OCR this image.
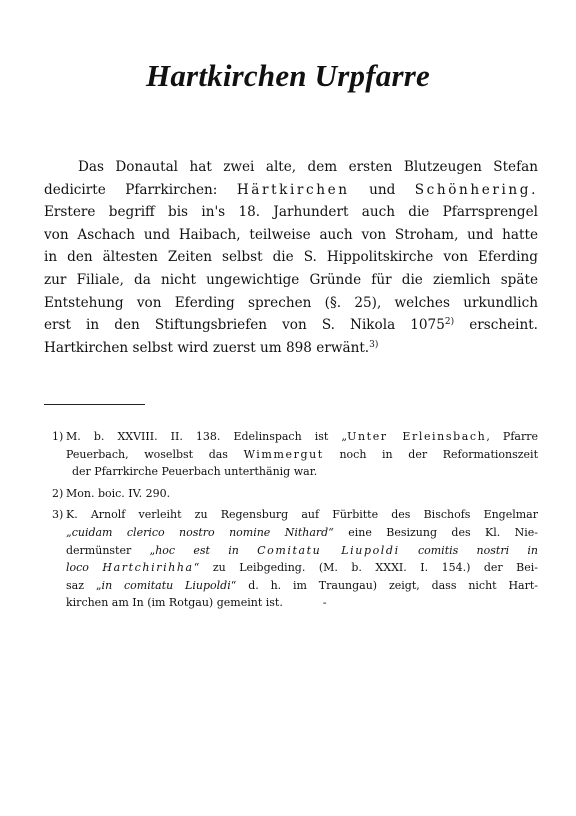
Hartkirchen Urpfarre
Das Donautal hat zwei alte, dem ersten Blutzeugen Stefan
dedicirte Pfarrkirchen: Härtkirchen und Schönhering.
Erstere begriff bis in's 18. Jarhundert auch die Pfarrsprengel
von Aschach und Haibach, teilweise auch von Stroham, und hatte
in den ältesten Zeiten selbst die S. Hippolitskirche von Eferding
zur Filiale, da nicht ungewichtige Gründe für die ziemlich späte
Entstehung von Eferding sprechen (§. 25), welches urkundlich
erst in den Stiftungsbriefen von S. Nikola 1075$^{2)}$ erscheint.
Hartkirchen selbst wird zuerst um 898 erwänt.$^{3)}$
1) M. b. XXVIII. II. 138. Edelinspach ist „Unter Erleinsbach, Pfarre
Peuerbach, woselbst das Wimmergut noch in der Reformationszeit
der Pfarrkirche Peuerbach unterthänig war.
2) Mon. boic. IV. 290.
3) K. Arnolf verleiht zu Regensburg auf Fürbitte des Bischofs Engelmar
„cuidam clerico nostro nomine Nithard“ eine Besizung des Kl. Nie-
dermünster „hoc est in Comitatu Liupoldi comitis nostri in
loco Hartchirihha“ zu Leibgeding. (M. b. XXXI. I. 154.) der Bei-
saz „in comitatu Liupoldi“ d. h. im Traungau) zeigt, dass nicht Hart-
kirchen am In (im Rotgau) gemeint ist.	-
